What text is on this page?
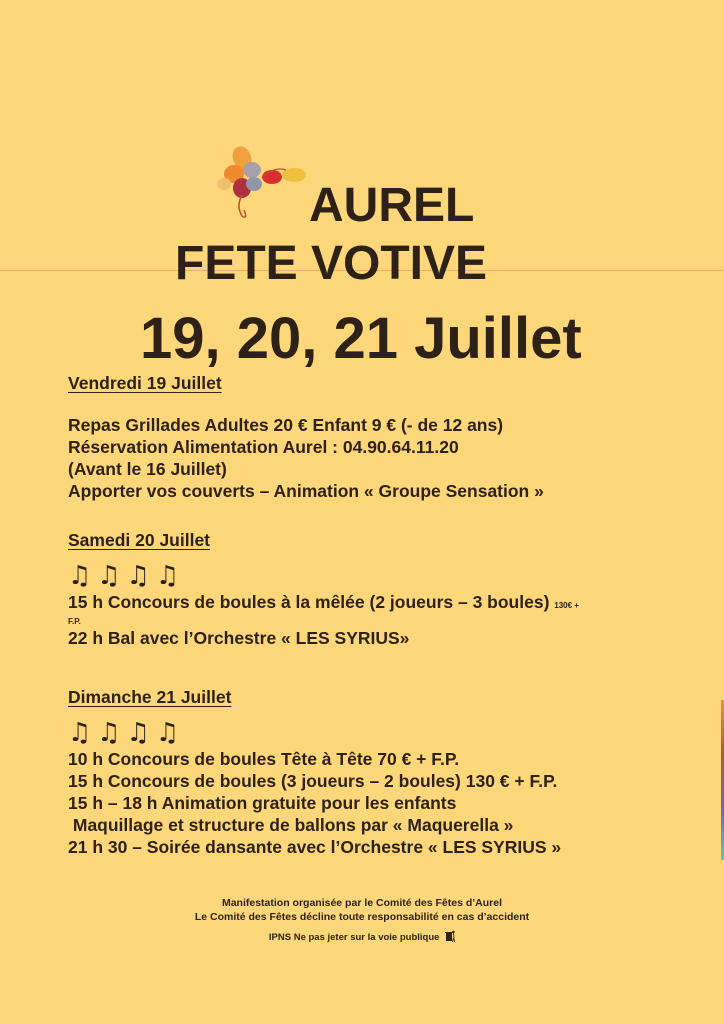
AUREL
FETE VOTIVE
19, 20, 21 Juillet
Vendredi 19 Juillet
Repas Grillades Adultes 20 € Enfant 9 € (- de 12 ans)
Réservation Alimentation Aurel : 04.90.64.11.20
(Avant le 16 Juillet)
Apporter vos couverts – Animation « Groupe Sensation »
Samedi 20 Juillet
♫♫♫♫
15 h Concours de boules à la mêlée (2 joueurs – 3 boules) 130€ +
F.P.
22 h Bal avec l’Orchestre « LES SYRIUS»
Dimanche 21 Juillet
♫♫♫♫
10 h Concours de boules Tête à Tête 70 € + F.P.
15 h Concours de boules (3 joueurs – 2 boules) 130 € + F.P.
15 h – 18 h Animation gratuite pour les enfants
Maquillage et structure de ballons par « Maquerella »
21 h 30 – Soirée dansante avec l’Orchestre « LES SYRIUS »
Manifestation organisée par le Comité des Fêtes d’Aurel
Le Comité des Fêtes décline toute responsabilité en cas d’accident
IPNS Ne pas jeter sur la voie publique
